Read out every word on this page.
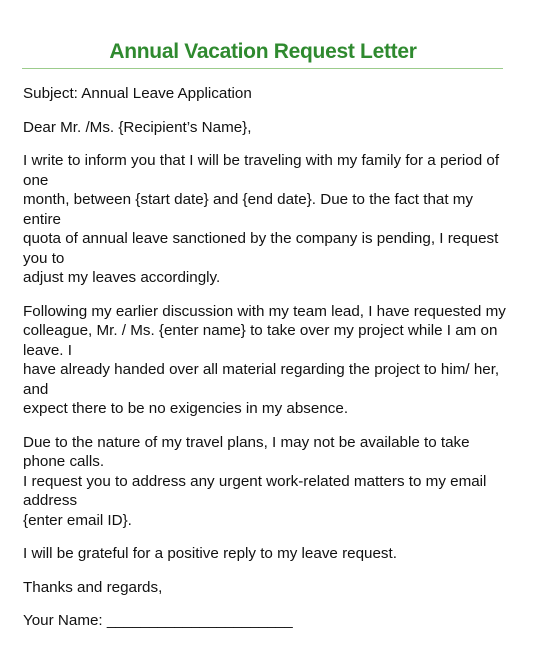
Annual Vacation Request Letter

Subject: Annual Leave Application

Dear Mr. /Ms. {Recipient’s Name},

I write to inform you that I will be traveling with my family for a period of one
month, between {start date} and {end date}. Due to the fact that my entire
quota of annual leave sanctioned by the company is pending, I request you to
adjust my leaves accordingly.

Following my earlier discussion with my team lead, I have requested my
colleague, Mr. / Ms. {enter name} to take over my project while I am on leave. I
have already handed over all material regarding the project to him/ her, and
expect there to be no exigencies in my absence.

Due to the nature of my travel plans, I may not be available to take phone calls.
I request you to address any urgent work-related matters to my email address
{enter email ID}.

I will be grateful for a positive reply to my leave request.

Thanks and regards,

Your Name: ______________________
